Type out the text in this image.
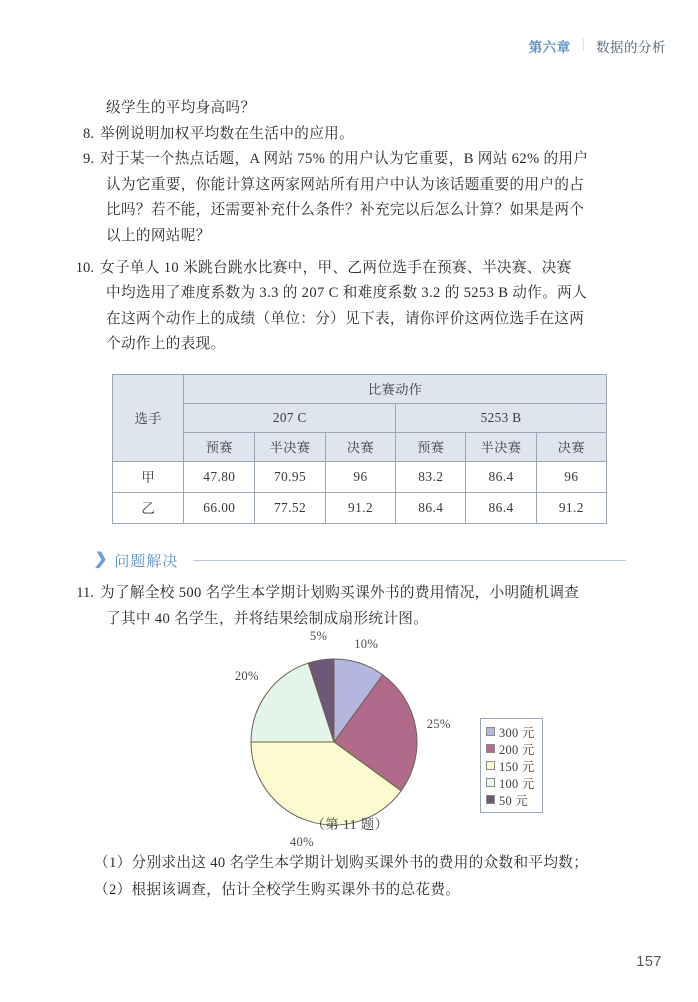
第六章 | 数据的分析
级学生的平均身高吗？
8. 举例说明加权平均数在生活中的应用。
9. 对于某一个热点话题，A 网站 75% 的用户认为它重要，B 网站 62% 的用户
认为它重要，你能计算这两家网站所有用户中认为该话题重要的用户的占
比吗？若不能，还需要补充什么条件？补充完以后怎么计算？如果是两个
以上的网站呢？
10. 女子单人 10 米跳台跳水比赛中，甲、乙两位选手在预赛、半决赛、决赛
中均选用了难度系数为 3.3 的 207 C 和难度系数 3.2 的 5253 B 动作。两人
在这两个动作上的成绩（单位：分）见下表，请你评价这两位选手在这两
个动作上的表现。
选手	比赛动作					
	207 C			5253 B		
	预赛	半决赛	决赛	预赛	半决赛	决赛
甲	47.80	70.95	96	83.2	86.4	96
乙	66.00	77.52	91.2	86.4	86.4	91.2
❯ 问题解决
11. 为了解全校 500 名学生本学期计划购买课外书的费用情况，小明随机调查
了其中 40 名学生，并将结果绘制成扇形统计图。
10%
25%
40%
20%
5%
300 元
200 元
150 元
100 元
50 元
（第 11 题）
（1）分别求出这 40 名学生本学期计划购买课外书的费用的众数和平均数；
（2）根据该调查，估计全校学生购买课外书的总花费。
157
